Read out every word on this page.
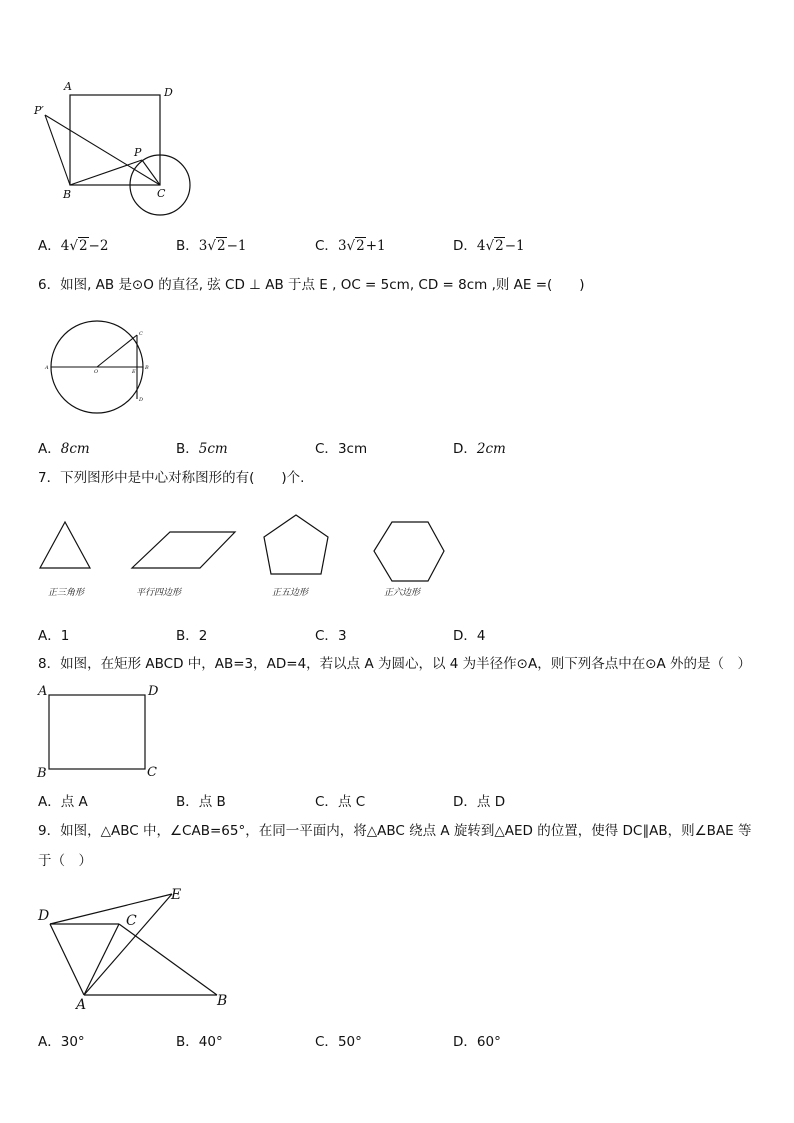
A	D
P′
P
B	C
A．4√2−2	B．3√2−1	C．3√2+1	D．4√2−1
6．如图, AB 是⊙O 的直径, 弦 CD ⊥ AB 于点 E , OC = 5cm, CD = 8cm ,则 AE =(　　)
A
O	E
B
C
D
A．8cm	B．5cm	C．3cm	D．2cm
7．下列图形中是中心对称图形的有(　　)个.
正三角形	平行四边形	正五边形	正六边形
A．1	B．2	C．3	D．4
8．如图，在矩形 ABCD 中，AB=3，AD=4，若以点 A 为圆心，以 4 为半径作⊙A，则下列各点中在⊙A 外的是（　）
A	D
B	C
A．点 A	B．点 B	C．点 C	D．点 D
9．如图，△ABC 中，∠CAB=65°，在同一平面内，将△ABC 绕点 A 旋转到△AED 的位置，使得 DC∥AB，则∠BAE 等
于（　）
D	C
E
A	B
A．30°	B．40°	C．50°	D．60°
